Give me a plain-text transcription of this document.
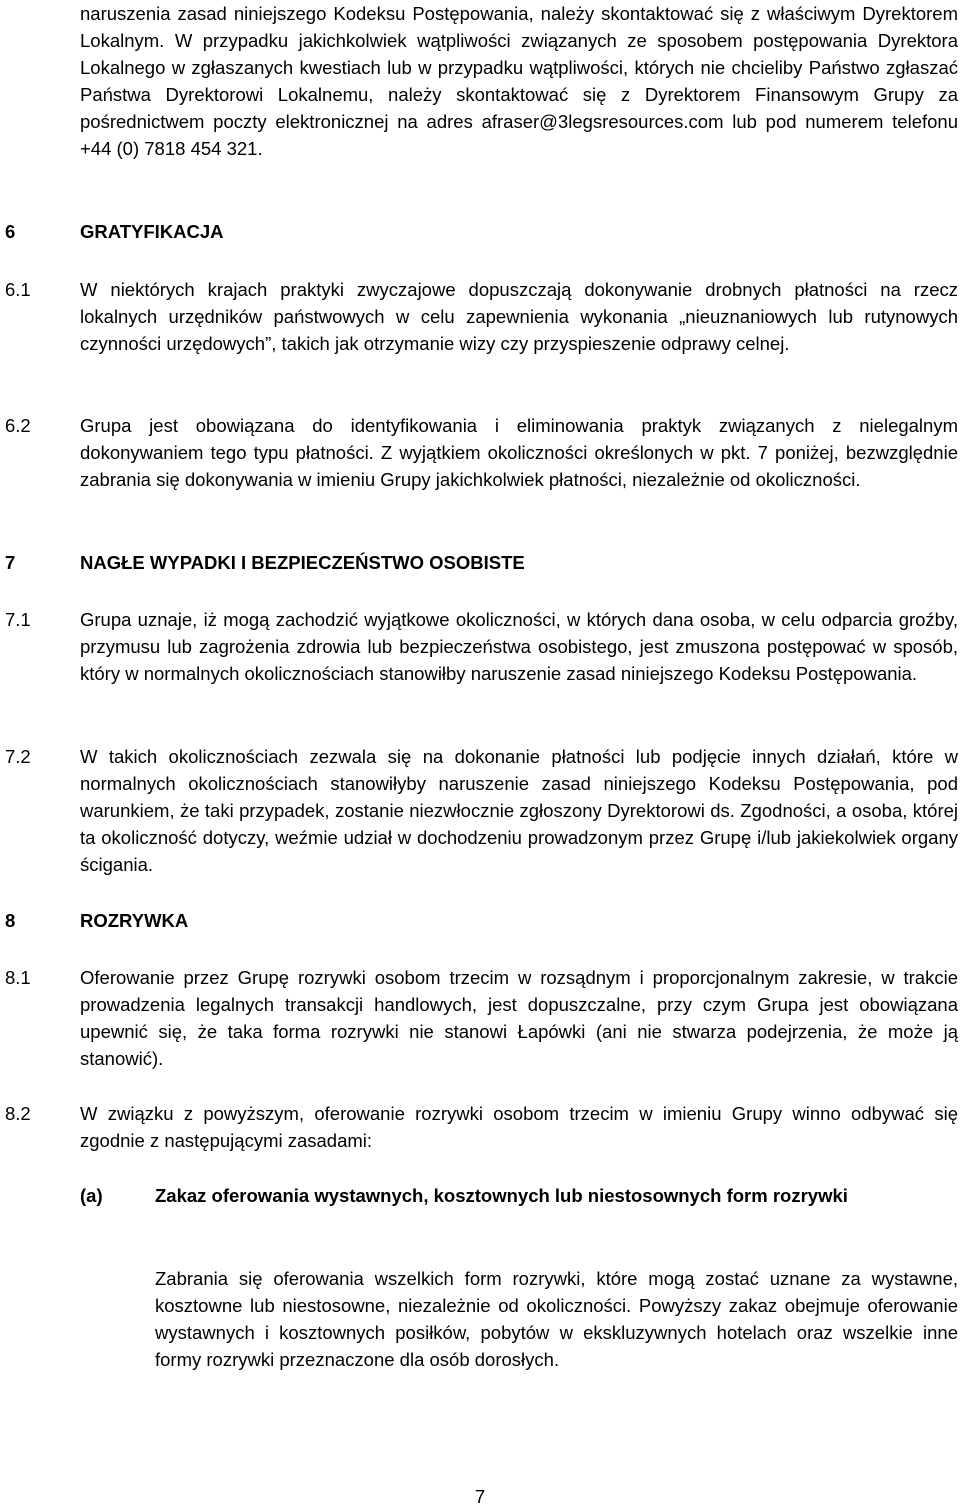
naruszenia zasad niniejszego Kodeksu Postępowania, należy skontaktować się z właściwym Dyrektorem Lokalnym. W przypadku jakichkolwiek wątpliwości związanych ze sposobem postępowania Dyrektora Lokalnego w zgłaszanych kwestiach lub w przypadku wątpliwości, których nie chcieliby Państwo zgłaszać Państwa Dyrektorowi Lokalnemu, należy skontaktować się z Dyrektorem Finansowym Grupy za pośrednictwem poczty elektronicznej na adres afraser@3legsresources.com lub pod numerem telefonu +44 (0) 7818 454 321.
6	GRATYFIKACJA
6.1	W niektórych krajach praktyki zwyczajowe dopuszczają dokonywanie drobnych płatności na rzecz lokalnych urzędników państwowych w celu zapewnienia wykonania „nieuznaniowych lub rutynowych czynności urzędowych”, takich jak otrzymanie wizy czy przyspieszenie odprawy celnej.
6.2	Grupa jest obowiązana do identyfikowania i eliminowania praktyk związanych z nielegalnym dokonywaniem tego typu płatności. Z wyjątkiem okoliczności określonych w pkt. 7 poniżej, bezwzględnie zabrania się dokonywania w imieniu Grupy jakichkolwiek płatności, niezależnie od okoliczności.
7	NAGŁE WYPADKI I BEZPIECZEŃSTWO OSOBISTE
7.1	Grupa uznaje, iż mogą zachodzić wyjątkowe okoliczności, w których dana osoba, w celu odparcia groźby, przymusu lub zagrożenia zdrowia lub bezpieczeństwa osobistego, jest zmuszona postępować w sposób, który w normalnych okolicznościach stanowiłby naruszenie zasad niniejszego Kodeksu Postępowania.
7.2	W takich okolicznościach zezwala się na dokonanie płatności lub podjęcie innych działań, które w normalnych okolicznościach stanowiłyby naruszenie zasad niniejszego Kodeksu Postępowania, pod warunkiem, że taki przypadek, zostanie niezwłocznie zgłoszony Dyrektorowi ds. Zgodności, a osoba, której ta okoliczność dotyczy, weźmie udział w dochodzeniu prowadzonym przez Grupę i/lub jakiekolwiek organy ścigania.
8	ROZRYWKA
8.1	Oferowanie przez Grupę rozrywki osobom trzecim w rozsądnym i proporcjonalnym zakresie, w trakcie prowadzenia legalnych transakcji handlowych, jest dopuszczalne, przy czym Grupa jest obowiązana upewnić się, że taka forma rozrywki nie stanowi Łapówki (ani nie stwarza podejrzenia, że może ją stanowić).
8.2	W związku z powyższym, oferowanie rozrywki osobom trzecim w imieniu Grupy winno odbywać się zgodnie z następującymi zasadami:
(a)	Zakaz oferowania wystawnych, kosztownych lub niestosownych form rozrywki
Zabrania się oferowania wszelkich form rozrywki, które mogą zostać uznane za wystawne, kosztowne lub niestosowne, niezależnie od okoliczności. Powyższy zakaz obejmuje oferowanie wystawnych i kosztownych posiłków, pobytów w ekskluzywnych hotelach oraz wszelkie inne formy rozrywki przeznaczone dla osób dorosłych.
7
